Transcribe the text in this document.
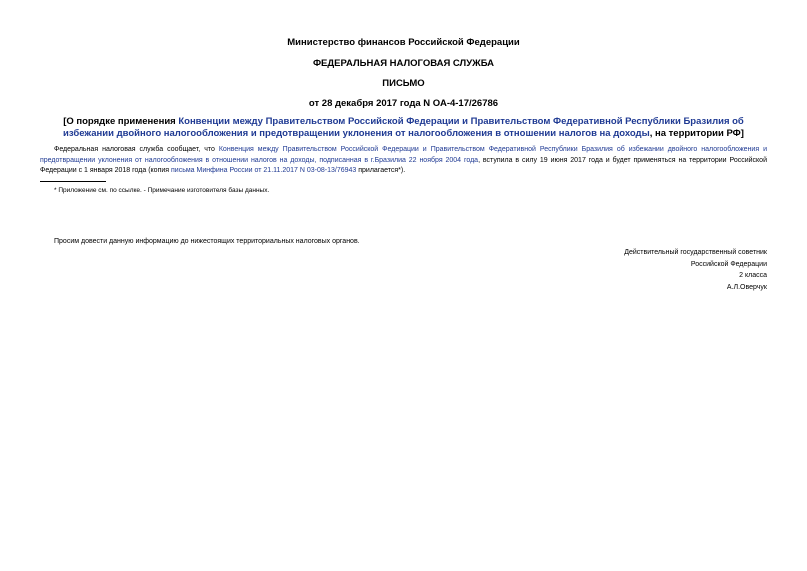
Министерство финансов Российской Федерации
ФЕДЕРАЛЬНАЯ НАЛОГОВАЯ СЛУЖБА
ПИСЬМО
от 28 декабря 2017 года N ОА-4-17/26786
[О порядке применения Конвенции между Правительством Российской Федерации и Правительством Федеративной Республики Бразилия об избежании двойного налогообложения и предотвращении уклонения от налогообложения в отношении налогов на доходы, на территории РФ]
Федеральная налоговая служба сообщает, что Конвенция между Правительством Российской Федерации и Правительством Федеративной Республики Бразилия об избежании двойного налогообложения и предотвращении уклонения от налогообложения в отношении налогов на доходы, подписанная в г.Бразилиа 22 ноября 2004 года, вступила в силу 19 июня 2017 года и будет применяться на территории Российской Федерации с 1 января 2018 года (копия письма Минфина России от 21.11.2017 N 03-08-13/76943 прилагается*).
* Приложение см. по ссылке. - Примечание изготовителя базы данных.
Просим довести данную информацию до нижестоящих территориальных налоговых органов.
Действительный государственный советник
Российской Федерации
2 класса
А.Л.Оверчук
